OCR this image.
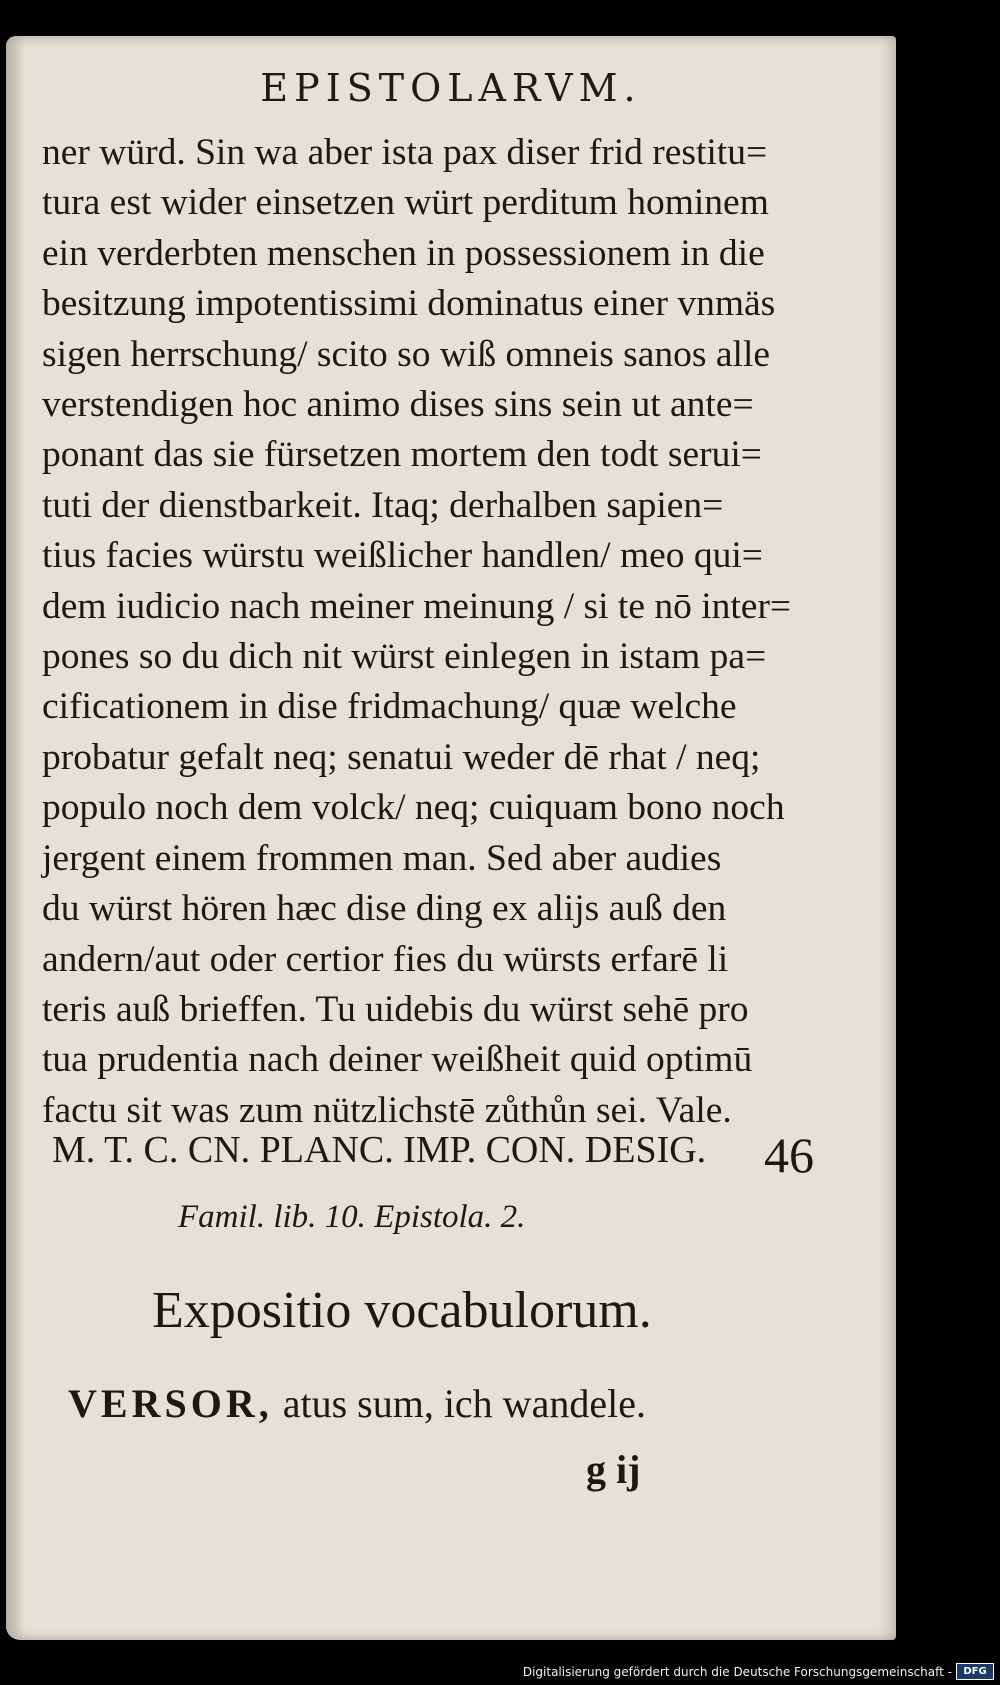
EPISTOLARVM.
ner würd. Sin wa aber ista pax diser frid restitu=
tura est wider einsetzen würt perditum hominem
ein verderbten menschen in possessionem in die
besitzung impotentissimi dominatus einer vnmäs
sigen herrschung/ scito so wiß omneis sanos alle
verstendigen hoc animo dises sins sein ut ante=
ponant das sie fürsetzen mortem den todt serui=
tuti der dienstbarkeit. Itaq; derhalben sapien=
tius facies würstu weißlicher handlen/ meo qui=
dem iudicio nach meiner meinung / si te nō inter=
pones so du dich nit würst einlegen in istam pa=
cificationem in dise fridmachung/ quæ welche
probatur gefalt neq; senatui weder dē rhat / neq;
populo noch dem volck/ neq; cuiquam bono noch
jergent einem frommen man. Sed aber audies
du würst hören hæc dise ding ex alijs auß den
andern/aut oder certior fies du würsts erfarē li
teris auß brieffen. Tu uidebis du würst sehē pro
tua prudentia nach deiner weißheit quid optimū
factu sit was zum nützlichstē zůthůn sei. Vale.
M. T. C. CN. PLANC. IMP. CON. DESIG.	46
Famil. lib. 10. Epistola. 2.
Expositio vocabulorum.
VERSOR, atus sum, ich wandele.
g ij
Digitalisierung gefördert durch die Deutsche Forschungsgemeinschaft -	DFG
